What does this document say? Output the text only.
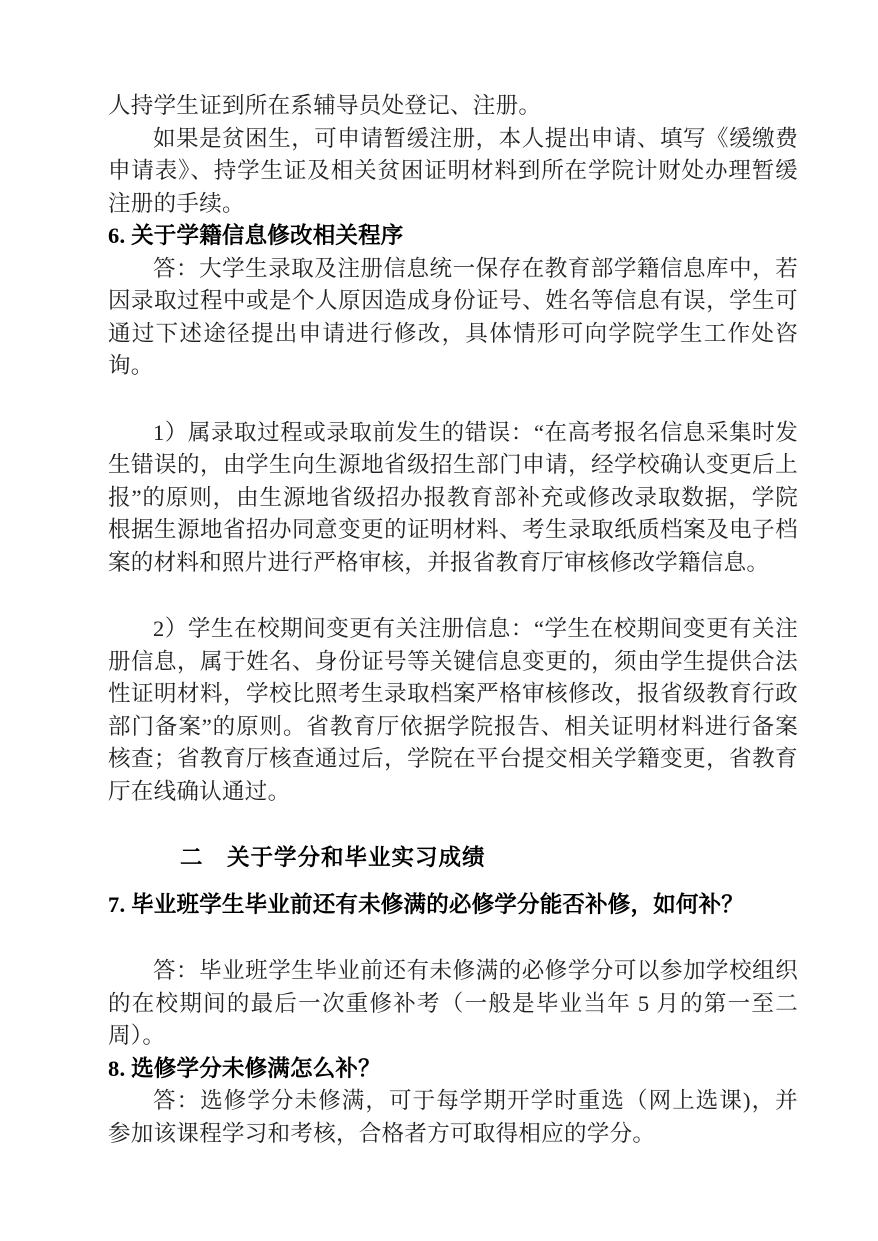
人持学生证到所在系辅导员处登记、注册。

如果是贫困生，可申请暂缓注册，本人提出申请、填写《缓缴费申请表》、持学生证及相关贫困证明材料到所在学院计财处办理暂缓注册的手续。

6. 关于学籍信息修改相关程序

答：大学生录取及注册信息统一保存在教育部学籍信息库中，若因录取过程中或是个人原因造成身份证号、姓名等信息有误，学生可通过下述途径提出申请进行修改，具体情形可向学院学生工作处咨询。

1）属录取过程或录取前发生的错误：“在高考报名信息采集时发生错误的，由学生向生源地省级招生部门申请，经学校确认变更后上报”的原则，由生源地省级招办报教育部补充或修改录取数据，学院根据生源地省招办同意变更的证明材料、考生录取纸质档案及电子档案的材料和照片进行严格审核，并报省教育厅审核修改学籍信息。

2）学生在校期间变更有关注册信息：“学生在校期间变更有关注册信息，属于姓名、身份证号等关键信息变更的，须由学生提供合法性证明材料，学校比照考生录取档案严格审核修改，报省级教育行政部门备案”的原则。省教育厅依据学院报告、相关证明材料进行备案核查；省教育厅核查通过后，学院在平台提交相关学籍变更，省教育厅在线确认通过。

二　关于学分和毕业实习成绩
7. 毕业班学生毕业前还有未修满的必修学分能否补修，如何补？

答：毕业班学生毕业前还有未修满的必修学分可以参加学校组织的在校期间的最后一次重修补考（一般是毕业当年 5 月的第一至二周）。

8. 选修学分未修满怎么补？

答：选修学分未修满，可于每学期开学时重选（网上选课)，并参加该课程学习和考核，合格者方可取得相应的学分。
